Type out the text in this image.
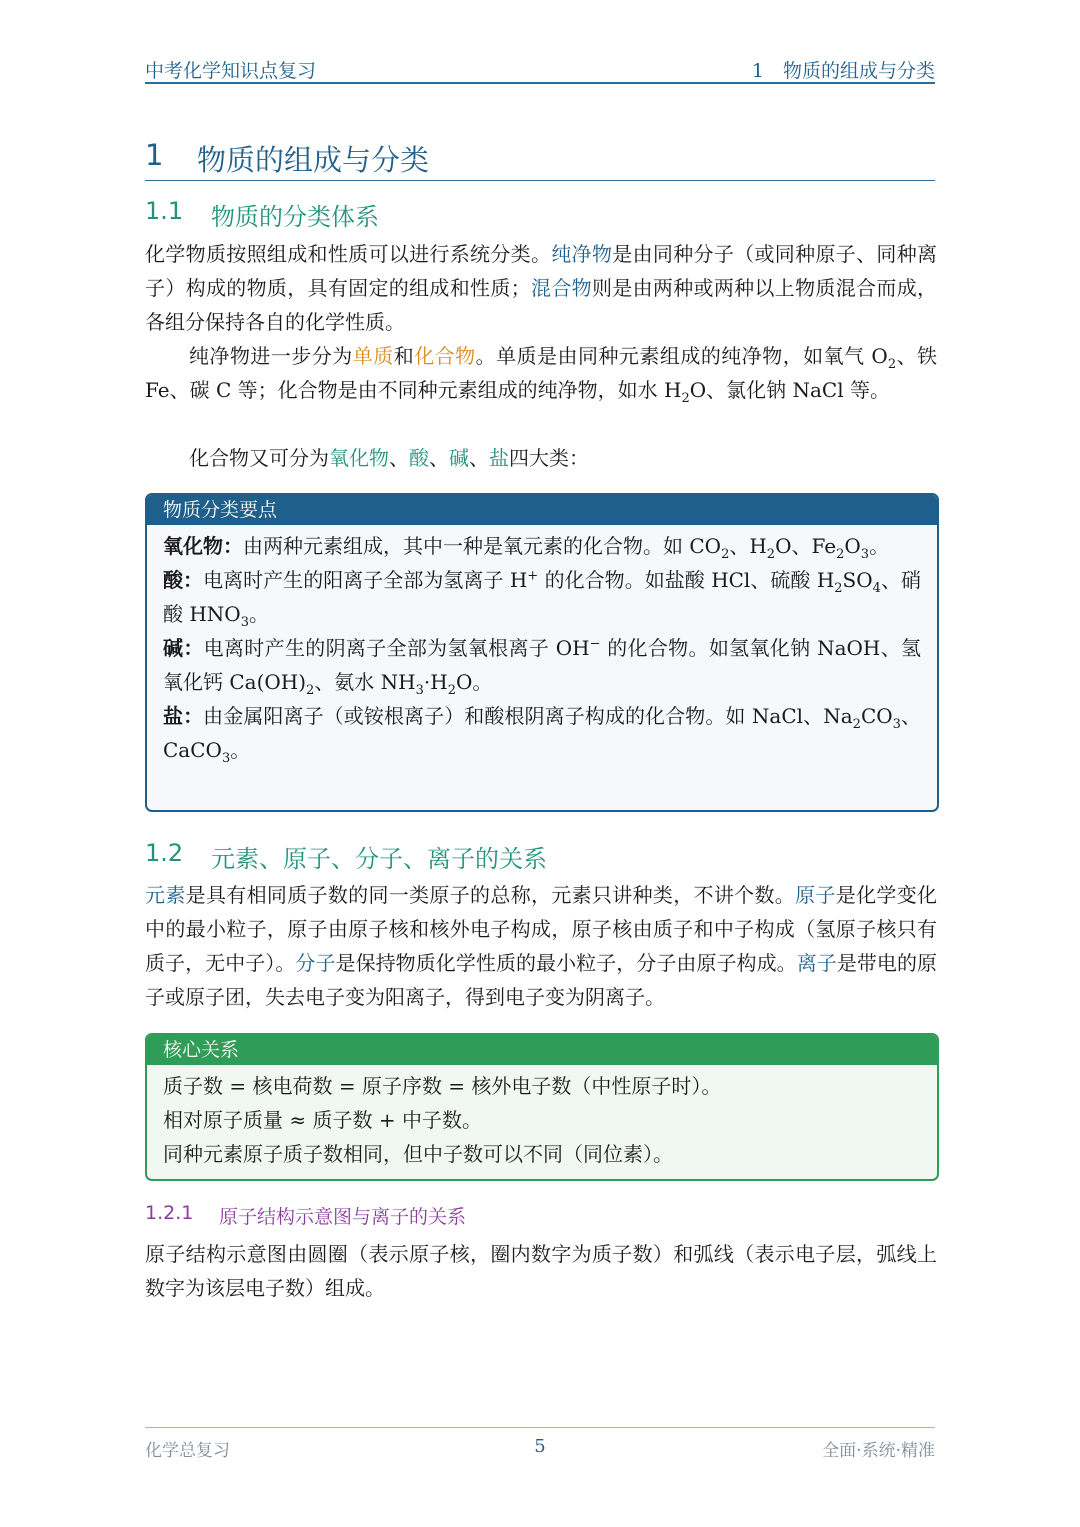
中考化学知识点复习	1　物质的组成与分类
1 物质的组成与分类
1.1 物质的分类体系
化学物质按照组成和性质可以进行系统分类。纯净物是由同种分子（或同种原子、同种离子）构成的物质，具有固定的组成和性质；混合物则是由两种或两种以上物质混合而成，各组分保持各自的化学性质。
纯净物进一步分为单质和化合物。单质是由同种元素组成的纯净物，如氧气 $O_2$、铁 Fe、碳 C 等；化合物是由不同种元素组成的纯净物，如水 $H_2O$、氯化钠 NaCl 等。
化合物又可分为氧化物、酸、碱、盐四大类：
物质分类要点
氧化物：由两种元素组成，其中一种是氧元素的化合物。如 $CO_2$、$H_2O$、$Fe_2O_3$。
酸：电离时产生的阳离子全部为氢离子 H+ 的化合物。如盐酸 HCl、硫酸 $H_2SO_4$、硝酸 $HNO_3$。
碱：电离时产生的阴离子全部为氢氧根离子 OH− 的化合物。如氢氧化钠 NaOH、氢氧化钙 $Ca(OH)_2$、氨水 $NH_3\cdot H_2O$。
盐：由金属阳离子（或铵根离子）和酸根阴离子构成的化合物。如 NaCl、$Na_2CO_3$、CaCO$_3$。
1.2 元素、原子、分子、离子的关系
元素是具有相同质子数的同一类原子的总称，元素只讲种类，不讲个数。原子是化学变化中的最小粒子，原子由原子核和核外电子构成，原子核由质子和中子构成（氢原子核只有质子，无中子）。分子是保持物质化学性质的最小粒子，分子由原子构成。离子是带电的原子或原子团，失去电子变为阳离子，得到电子变为阴离子。
核心关系
质子数 = 核电荷数 = 原子序数 = 核外电子数（中性原子时）。
相对原子质量 ≈ 质子数 + 中子数。
同种元素原子质子数相同，但中子数可以不同（同位素）。
1.2.1 原子结构示意图与离子的关系
原子结构示意图由圆圈（表示原子核，圈内数字为质子数）和弧线（表示电子层，弧线上数字为该层电子数）组成。
化学总复习	5	全面·系统·精准
